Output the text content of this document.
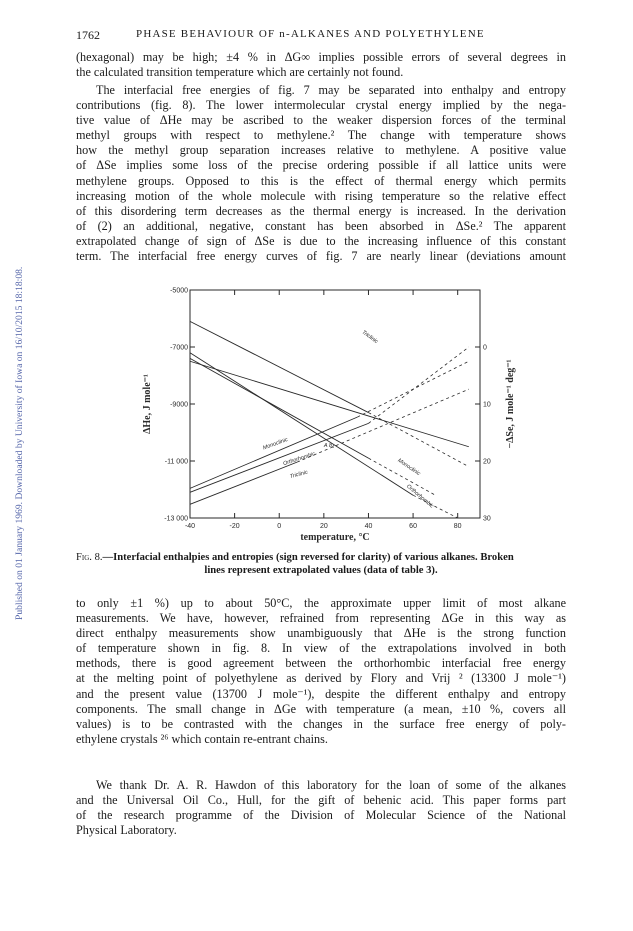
Published on 01 January 1969. Downloaded by University of Iowa on 16/10/2015 18:18:08.
1762	PHASE BEHAVIOUR OF n-ALKANES AND POLYETHYLENE
(hexagonal) may be high; ±4 % in ΔG∞ implies possible errors of several degrees in
the calculated transition temperature which are certainly not found.
The interfacial free energies of fig. 7 may be separated into enthalpy and entropy
contributions (fig. 8). The lower intermolecular crystal energy implied by the nega-
tive value of ΔHe may be ascribed to the weaker dispersion forces of the terminal
methyl groups with respect to methylene.² The change with temperature shows
how the methyl group separation increases relative to methylene. A positive value
of ΔSe implies some loss of the precise ordering possible if all lattice units were
methylene groups. Opposed to this is the effect of thermal energy which permits
increasing motion of the whole molecule with rising temperature so the relative effect
of this disordering term decreases as the thermal energy is increased. In the derivation
of (2) an additional, negative, constant has been absorbed in ΔSe.² The apparent
extrapolated change of sign of ΔSe is due to the increasing influence of this constant
term. The interfacial free energy curves of fig. 7 are nearly linear (deviations amount
-40	-20	0	20	40	60	80
-5000
-7000
-9000
-11 000
-13 000
0
10
20
30
temperature, °C
ΔHe, J mole⁻¹	−ΔSe, J mole⁻¹ deg⁻¹
Triclinic
Monoclinic
Orthorhombic
Triclinic	Monoclinic
Orthorhombic
A 8₄
Fig. 8.—Interfacial enthalpies and entropies (sign reversed for clarity) of various alkanes. Broken
lines represent extrapolated values (data of table 3).
to only ±1 %) up to about 50°C, the approximate upper limit of most alkane
measurements. We have, however, refrained from representing ΔGe in this way as
direct enthalpy measurements show unambiguously that ΔHe is the strong function
of temperature shown in fig. 8. In view of the extrapolations involved in both
methods, there is good agreement between the orthorhombic interfacial free energy
at the melting point of polyethylene as derived by Flory and Vrij ² (13300 J mole⁻¹)
and the present value (13700 J mole⁻¹), despite the different enthalpy and entropy
components. The small change in ΔGe with temperature (a mean, ±10 %, covers all
values) is to be contrasted with the changes in the surface free energy of poly-
ethylene crystals ²⁶ which contain re-entrant chains.
We thank Dr. A. R. Hawdon of this laboratory for the loan of some of the alkanes
and the Universal Oil Co., Hull, for the gift of behenic acid. This paper forms part
of the research programme of the Division of Molecular Science of the National
Physical Laboratory.
